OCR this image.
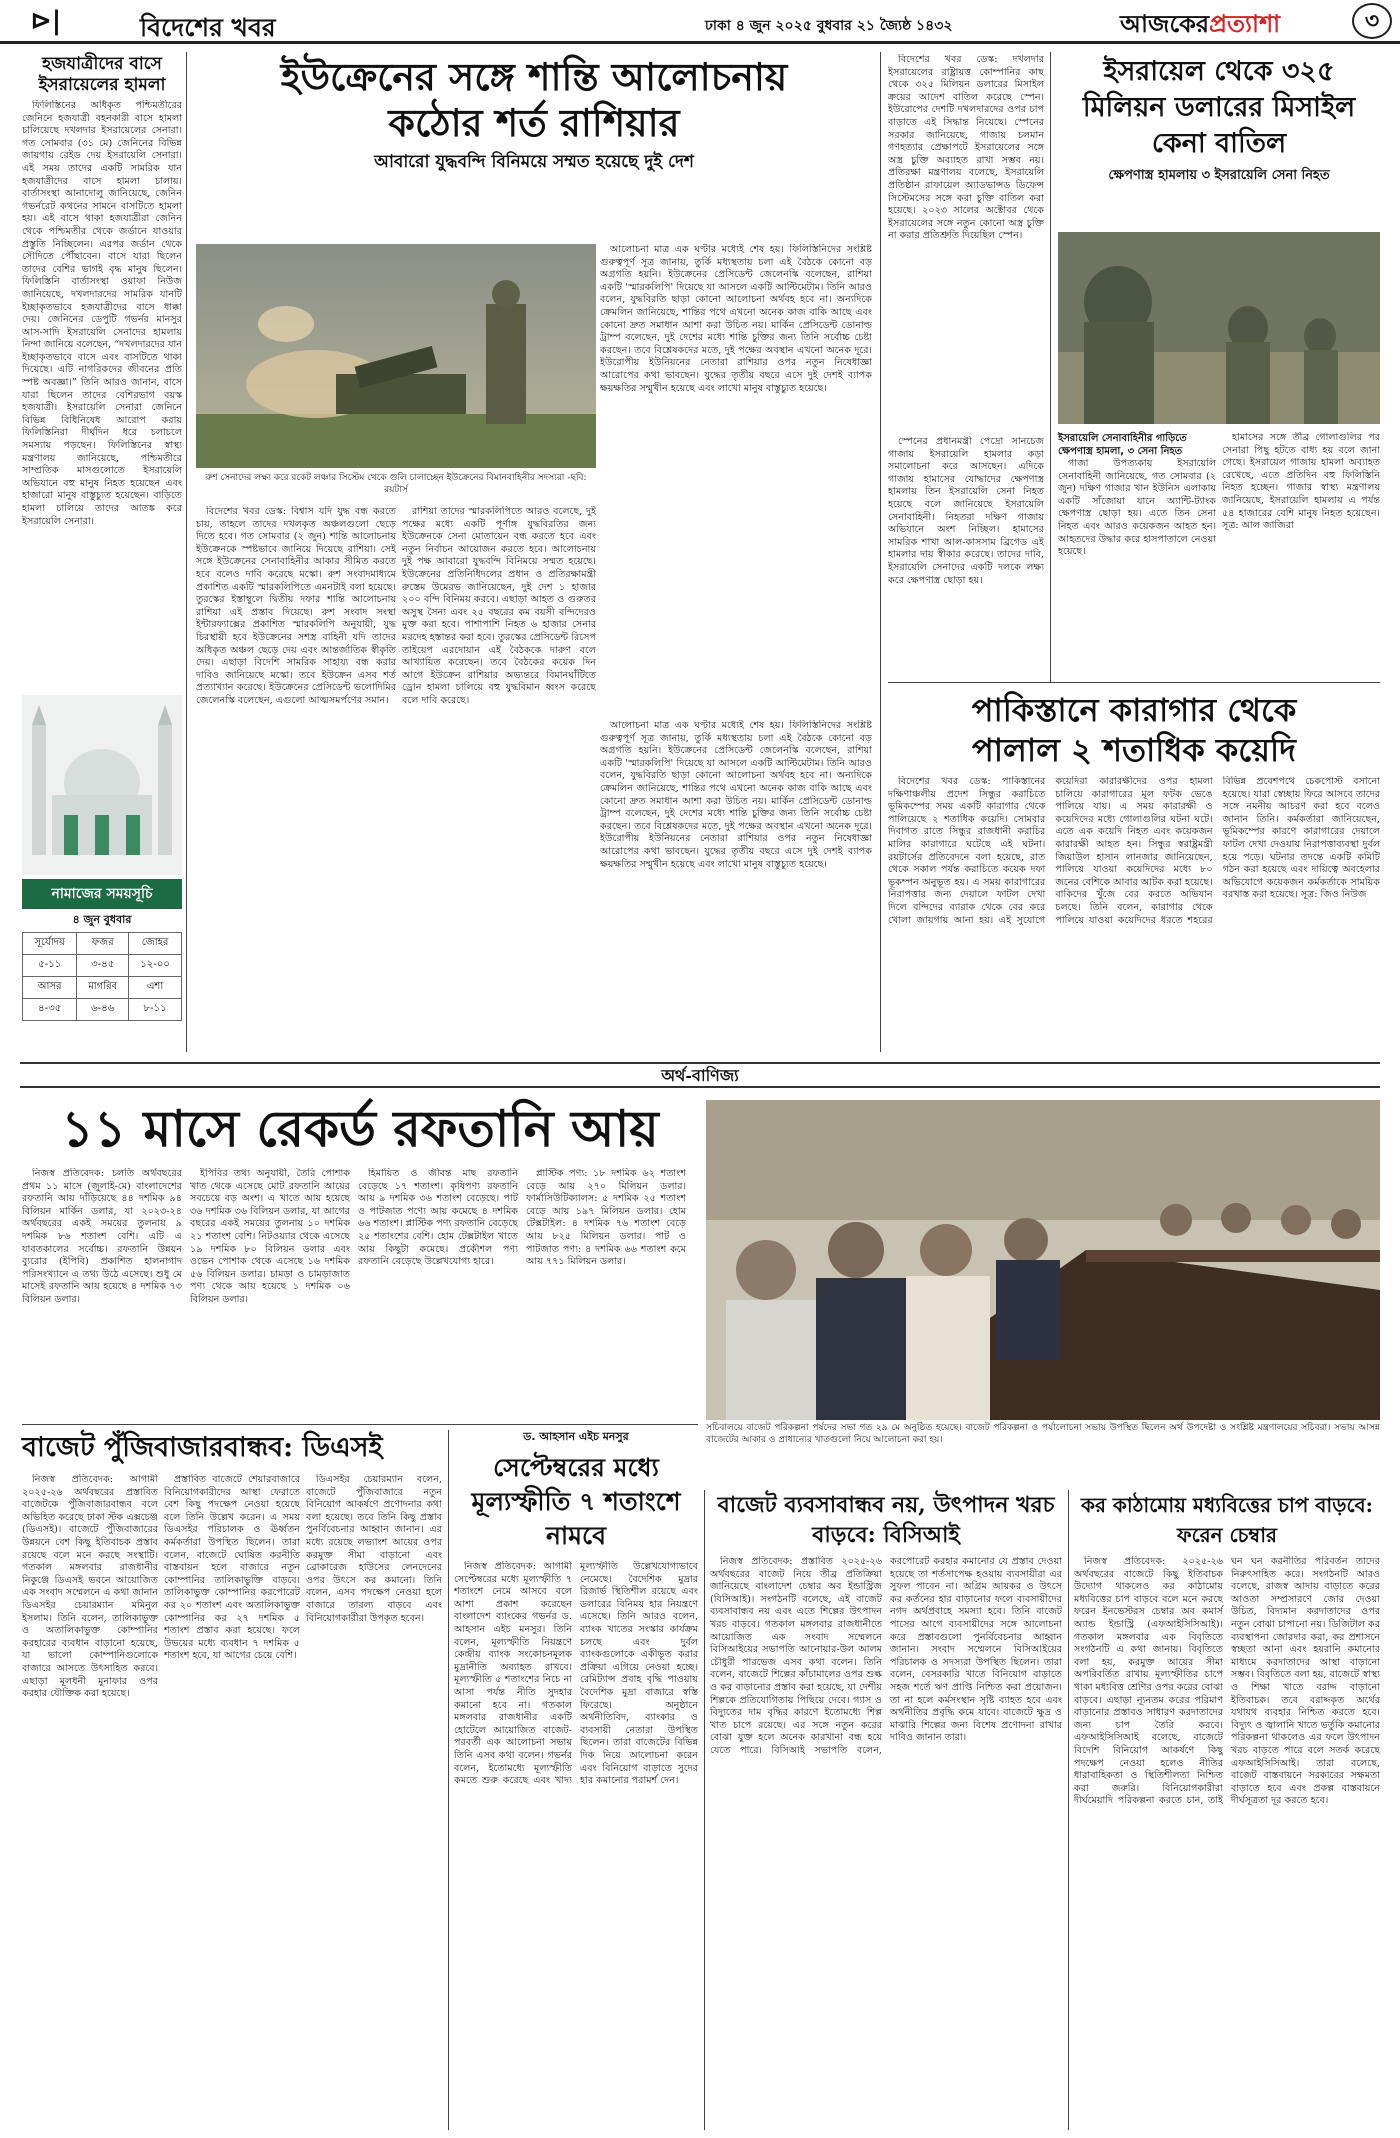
⊳|	বিদেশের খবর	ঢাকা ৪ জুন ২০২৫ বুধবার ২১ জ্যৈষ্ঠ ১৪৩২	আজকেরপ্রত্যাশা	৩
হজযাত্রীদের বাসে ইসরায়েলের হামলা

ফিলিস্তিনের অধিকৃত পশ্চিমতীরের জেনিনে হজযাত্রী বহনকারী বাসে হামলা চালিয়েছে দখলদার ইসরায়েলের সেনারা। গত সোমবার (৩১ মে) জেনিনের বিভিন্ন জায়গায় রেইড দেয় ইসরায়েলি সেনারা। এই সময় তাদের একটি সামরিক যান হজযাত্রীদের বাসে হামলা চালায়। বার্তাসংস্থা আনাদোলু জানিয়েছে, জেনিন গভর্নরেট কথনের সামনে বাসটিতে হামলা হয়। এই বাসে থাকা হজযাত্রীরা জেনিন থেকে পশ্চিমতীর থেকে জর্ডানে যাওয়ার প্রস্তুতি নিচ্ছিলেন। এরপর জর্ডান থেকে সৌদিতে পৌঁছাবেন। বাসে যারা ছিলেন তাদের বেশির ভাগই বৃদ্ধ মানুষ ছিলেন। ফিলিস্তিনি বার্তাসংস্থা ওয়াফা নিউজ জানিয়েছে, দখলদারদের সামরিক যানটি ইচ্ছাকৃতভাবে হজযাত্রীদের বাসে ধাক্কা দেয়। জেনিনের ডেপুটি গভর্নর মানসুর আস-সাদি ইসরায়েলি সেনাদের হামলায় নিন্দা জানিয়ে বলেছেন, “দখলদারদের যান ইচ্ছাকৃতভাবে বাসে এবং বাসটিতে থাকা দিয়েছে। এটি নাগরিকদের জীবনের প্রতি স্পষ্ট অবজ্ঞা।” তিনি আরও জানান, বাসে যারা ছিলেন তাদের বেশিরভাগ বয়স্ক হজযাত্রী। ইসরায়েলি সেনারা জেনিনে বিভিন্ন বিধিনিষেধ আরোপ করায় ফিলিস্তিনিরা দীর্ঘদিন ধরে চলাচলে সমস্যায় পড়ছেন। ফিলিস্তিনের স্বাস্থ্য মন্ত্রণালয় জানিয়েছে, পশ্চিমতীরে সাম্প্রতিক মাসগুলোতে ইসরায়েলি অভিযানে বহু মানুষ নিহত হয়েছেন এবং হাজারো মানুষ বাস্তুচ্যুত হয়েছেন। বাড়িতে হামলা চালিয়ে তাদের আতঙ্ক করে ইসরায়েলি সেনারা।

নামাজের সময়সূচি
৪ জুন বুধবার
সূর্যোদয়	ফজর	জোহর
৫-১১	৩-৪৫	১২-০০
আসর	মাগরিব	এশা
৪-৩৫	৬-৪৬	৮-১১
ইউক্রেনের সঙ্গে শান্তি আলোচনায়
কঠোর শর্ত রাশিয়ার
আবারো যুদ্ধবন্দি বিনিময়ে সম্মত হয়েছে দুই দেশ
রুশ সেনাদের লক্ষ্য করে রকেট লঞ্চার সিস্টেম থেকে গুলি চালাচ্ছেন ইউক্রেনের বিমানবাহিনীর সদস্যরা -ছবি: রয়টার্স

আলোচনা মাত্র এক ঘণ্টার মধ্যেই শেষ হয়। ফিলিস্তিনিদের সংশ্লিষ্ট গুরুত্বপূর্ণ সূত্র জানায়, তুর্কি মধ্যস্থতায় চলা এই বৈঠকে কোনো বড় অগ্রগতি হয়নি। ইউক্রেনের প্রেসিডেন্ট জেলেনস্কি বলেছেন, রাশিয়া একটি 'স্মারকলিপি' দিয়েছে যা আসলে একটি আল্টিমেটাম। তিনি আরও বলেন, যুদ্ধবিরতি ছাড়া কোনো আলোচনা অর্থবহ হবে না। অন্যদিকে ক্রেমলিন জানিয়েছে, শান্তির পথে এখনো অনেক কাজ বাকি আছে এবং কোনো দ্রুত সমাধান আশা করা উচিত নয়। মার্কিন প্রেসিডেন্ট ডোনাল্ড ট্রাম্প বলেছেন, দুই দেশের মধ্যে শান্তি চুক্তির জন্য তিনি সর্বোচ্চ চেষ্টা করছেন। তবে বিশ্লেষকদের মতে, দুই পক্ষের অবস্থান এখনো অনেক দূরে। ইউরোপীয় ইউনিয়নের নেতারা রাশিয়ার ওপর নতুন নিষেধাজ্ঞা আরোপের কথা ভাবছেন। যুদ্ধের তৃতীয় বছরে এসে দুই দেশই ব্যাপক ক্ষয়ক্ষতির সম্মুখীন হয়েছে এবং লাখো মানুষ বাস্তুচ্যুত হয়েছে।

বিদেশের খবর ডেস্ক: বিশ্বাস যদি যুদ্ধ বন্ধ করতে চায়, তাহলে তাদের দখলকৃত অঞ্চলগুলো ছেড়ে দিতে হবে। গত সোমবার (২ জুন) শান্তি আলোচনায় ইউক্রেনকে স্পষ্টভাবে জানিয়ে দিয়েছে রাশিয়া। সেই সঙ্গে ইউক্রেনের সেনাবাহিনীর আকার সীমিত করতে হবে বলেও দাবি করেছে মস্কো। রুশ সংবাদমাধ্যমে প্রকাশিত একটি স্মারকলিপিতে এমনটাই বলা হয়েছে। তুরস্কের ইস্তাম্বুলে দ্বিতীয় দফার শান্তি আলোচনায় রাশিয়া এই প্রস্তাব দিয়েছে। রুশ সংবাদ সংস্থা ইন্টারফ্যাক্সের প্রকাশিত স্মারকলিপি অনুযায়ী, যুদ্ধ চিরস্থায়ী হবে ইউক্রেনের সশস্ত্র বাহিনী যদি তাদের অধিকৃত অঞ্চল ছেড়ে দেয় এবং আন্তর্জাতিক স্বীকৃতি দেয়। এছাড়া বিদেশি সামরিক সাহায্য বন্ধ করার দাবিও জানিয়েছে মস্কো। তবে ইউক্রেন এসব শর্ত প্রত্যাখ্যান করেছে। ইউক্রেনের প্রেসিডেন্ট ভলোদিমির জেলেনস্কি বলেছেন, এগুলো আত্মসমর্পণের সমান।

রাশিয়া তাদের স্মারকলিপিতে আরও বলেছে, দুই পক্ষের মধ্যে একটি পূর্ণাঙ্গ যুদ্ধবিরতির জন্য ইউক্রেনকে সেনা মোতায়েন বন্ধ করতে হবে এবং নতুন নির্বাচন আয়োজন করতে হবে। আলোচনায় দুই পক্ষ আবারো যুদ্ধবন্দি বিনিময়ে সম্মত হয়েছে। ইউক্রেনের প্রতিনিধিদলের প্রধান ও প্রতিরক্ষামন্ত্রী রুস্তেম উমেরভ জানিয়েছেন, দুই দেশ ১ হাজার ২০০ বন্দি বিনিময় করবে। এছাড়া আহত ও গুরুতর অসুস্থ সৈন্য এবং ২৫ বছরের কম বয়সী বন্দিদেরও মুক্ত করা হবে। পাশাপাশি নিহত ৬ হাজার সেনার মরদেহ হস্তান্তর করা হবে। তুরস্কের প্রেসিডেন্ট রিসেপ তাইয়েপ এরদোয়ান এই বৈঠককে দারুণ বলে আখ্যায়িত করেছেন। তবে বৈঠকের কয়েক দিন আগে ইউক্রেন রাশিয়ার অভ্যন্তরে বিমানঘাঁটিতে ড্রোন হামলা চালিয়ে বহু যুদ্ধবিমান ধ্বংস করেছে বলে দাবি করেছে।

আলোচনা মাত্র এক ঘণ্টার মধ্যেই শেষ হয়। ফিলিস্তিনিদের সংশ্লিষ্ট গুরুত্বপূর্ণ সূত্র জানায়, তুর্কি মধ্যস্থতায় চলা এই বৈঠকে কোনো বড় অগ্রগতি হয়নি। ইউক্রেনের প্রেসিডেন্ট জেলেনস্কি বলেছেন, রাশিয়া একটি 'স্মারকলিপি' দিয়েছে যা আসলে একটি আল্টিমেটাম। তিনি আরও বলেন, যুদ্ধবিরতি ছাড়া কোনো আলোচনা অর্থবহ হবে না। অন্যদিকে ক্রেমলিন জানিয়েছে, শান্তির পথে এখনো অনেক কাজ বাকি আছে এবং কোনো দ্রুত সমাধান আশা করা উচিত নয়। মার্কিন প্রেসিডেন্ট ডোনাল্ড ট্রাম্প বলেছেন, দুই দেশের মধ্যে শান্তি চুক্তির জন্য তিনি সর্বোচ্চ চেষ্টা করছেন। তবে বিশ্লেষকদের মতে, দুই পক্ষের অবস্থান এখনো অনেক দূরে। ইউরোপীয় ইউনিয়নের নেতারা রাশিয়ার ওপর নতুন নিষেধাজ্ঞা আরোপের কথা ভাবছেন। যুদ্ধের তৃতীয় বছরে এসে দুই দেশই ব্যাপক ক্ষয়ক্ষতির সম্মুখীন হয়েছে এবং লাখো মানুষ বাস্তুচ্যুত হয়েছে।

বিদেশের খবর ডেস্ক: দখলদার ইসরায়েলের রাষ্ট্রায়ত্ত কোম্পানির কাছ থেকে ৩২৫ মিলিয়ন ডলারের মিসাইল ক্রয়ের আদেশ বাতিল করেছে স্পেন। ইউরোপের দেশটি দখলদারদের ওপর চাপ বাড়াতে এই সিদ্ধান্ত নিয়েছে। স্পেনের সরকার জানিয়েছে, গাজায় চলমান গণহত্যার প্রেক্ষাপটে ইসরায়েলের সঙ্গে অস্ত্র চুক্তি অব্যাহত রাখা সম্ভব নয়। প্রতিরক্ষা মন্ত্রণালয় বলেছে, ইসরায়েলি প্রতিষ্ঠান রাফায়েল অ্যাডভান্সড ডিফেন্স সিস্টেমসের সঙ্গে করা চুক্তি বাতিল করা হয়েছে। ২০২৩ সালের অক্টোবর থেকে ইসরায়েলের সঙ্গে নতুন কোনো অস্ত্র চুক্তি না করার প্রতিশ্রুতি দিয়েছিল স্পেন।

ইসরায়েল থেকে ৩২৫ মিলিয়ন ডলারের মিসাইল কেনা বাতিল
ক্ষেপণাস্ত্র হামলায় ৩ ইসরায়েলি সেনা নিহত

স্পেনের প্রধানমন্ত্রী পেদ্রো সানচেজ গাজায় ইসরায়েলি হামলার কড়া সমালোচনা করে আসছেন। এদিকে গাজায় হামাসের যোদ্ধাদের ক্ষেপণাস্ত্র হামলায় তিন ইসরায়েলি সেনা নিহত হয়েছে বলে জানিয়েছে ইসরায়েলি সেনাবাহিনী। নিহতরা দক্ষিণ গাজায় অভিযানে অংশ নিচ্ছিল। হামাসের সামরিক শাখা আল-কাসসাম ব্রিগেড এই হামলার দায় স্বীকার করেছে। তাদের দাবি, ইসরায়েলি সেনাদের একটি দলকে লক্ষ্য করে ক্ষেপণাস্ত্র ছোড়া হয়।

ইসরায়েলি সেনাবাহিনীর গাড়িতে ক্ষেপণাস্ত্র হামলা, ৩ সেনা নিহত

গাজা উপত্যকায় ইসরায়েলি সেনাবাহিনী জানিয়েছে, গত সোমবার (২ জুন) দক্ষিণ গাজার খান ইউনিস এলাকায় একটি সাঁজোয়া যানে অ্যান্টি-ট্যাংক ক্ষেপণাস্ত্র ছোড়া হয়। এতে তিন সেনা নিহত এবং আরও কয়েকজন আহত হন। আহতদের উদ্ধার করে হাসপাতালে নেওয়া হয়েছে।

হামাসের সঙ্গে তীব্র গোলাগুলির পর সেনারা পিছু হটতে বাধ্য হয় বলে জানা গেছে। ইসরায়েল গাজায় হামলা অব্যাহত রেখেছে, এতে প্রতিদিন বহু ফিলিস্তিনি নিহত হচ্ছেন। গাজার স্বাস্থ্য মন্ত্রণালয় জানিয়েছে, ইসরায়েলি হামলায় এ পর্যন্ত ৫৪ হাজারের বেশি মানুষ নিহত হয়েছেন। সূত্র: আল জাজিরা

পাকিস্তানে কারাগার থেকে
পালাল ২ শতাধিক কয়েদি

বিদেশের খবর ডেস্ক: পাকিস্তানের দক্ষিণাঞ্চলীয় প্রদেশ সিন্ধুর করাচিতে ভূমিকম্পের সময় একটি কারাগার থেকে পালিয়েছে ২ শতাধিক কয়েদি। সোমবার দিবাগত রাতে সিন্ধুর রাজধানী করাচির মালির কারাগারে ঘটেছে এই ঘটনা। রয়টার্সের প্রতিবেদনে বলা হয়েছে, রাত থেকে সকাল পর্যন্ত করাচিতে কয়েক দফা ভূকম্পন অনুভূত হয়। এ সময় কারাগারের নিরাপত্তার জন্য দেয়ালে ফাটল দেখা দিলে বন্দিদের ব্যারাক থেকে বের করে খোলা জায়গায় আনা হয়। এই সুযোগে কয়েদিরা কারারক্ষীদের ওপর হামলা চালিয়ে কারাগারের মূল ফটক ভেঙে পালিয়ে যায়। এ সময় কারারক্ষী ও কয়েদিদের মধ্যে গোলাগুলির ঘটনা ঘটে। এতে এক কয়েদি নিহত এবং কয়েকজন কারারক্ষী আহত হন। সিন্ধুর স্বরাষ্ট্রমন্ত্রী জিয়াউল হাসান লানজার জানিয়েছেন, পালিয়ে যাওয়া কয়েদিদের মধ্যে ৮০ জনের বেশিকে আবার আটক করা হয়েছে। বাকিদের খুঁজে বের করতে অভিযান চলছে। তিনি বলেন, কারাগার থেকে পালিয়ে যাওয়া কয়েদিদের ধরতে শহরের বিভিন্ন প্রবেশপথে চেকপোস্ট বসানো হয়েছে। যারা স্বেচ্ছায় ফিরে আসবে তাদের সঙ্গে নমনীয় আচরণ করা হবে বলেও জানান তিনি। কর্মকর্তারা জানিয়েছেন, ভূমিকম্পের কারণে কারাগারের দেয়ালে ফাটল দেখা দেওয়ায় নিরাপত্তাব্যবস্থা দুর্বল হয়ে পড়ে। ঘটনার তদন্তে একটি কমিটি গঠন করা হয়েছে এবং দায়িত্বে অবহেলার অভিযোগে কয়েকজন কর্মকর্তাকে সাময়িক বরখাস্ত করা হয়েছে। সূত্র: জিও নিউজ

অর্থ-বাণিজ্য
১১ মাসে রেকর্ড রফতানি আয়

নিজস্ব প্রতিবেদক: চলতি অর্থবছরের প্রথম ১১ মাসে (জুলাই-মে) বাংলাদেশের রফতানি আয় দাঁড়িয়েছে ৪৪ দশমিক ৯৪ বিলিয়ন মার্কিন ডলার, যা ২০২৩-২৪ অর্থবছরের একই সময়ের তুলনায় ৯ দশমিক ৮৬ শতাংশ বেশি। এটি এ যাবতকালের সর্বোচ্চ। রফতানি উন্নয়ন ব্যুরোর (ইপিবি) প্রকাশিত হালনাগাদ পরিসংখ্যানে এ তথ্য উঠে এসেছে। শুধু মে মাসেই রফতানি আয় হয়েছে ৪ দশমিক ৭৩ বিলিয়ন ডলার।

ইপিবির তথ্য অনুযায়ী, তৈরি পোশাক খাত থেকে এসেছে মোট রফতানি আয়ের সবচেয়ে বড় অংশ। এ খাতে আয় হয়েছে ৩৬ দশমিক ৩৬ বিলিয়ন ডলার, যা আগের বছরের একই সময়ের তুলনায় ১০ দশমিক ২১ শতাংশ বেশি। নিটওয়্যার থেকে এসেছে ১৯ দশমিক ৮০ বিলিয়ন ডলার এবং ওভেন পোশাক থেকে এসেছে ১৬ দশমিক ৫৬ বিলিয়ন ডলার। চামড়া ও চামড়াজাত পণ্য থেকে আয় হয়েছে ১ দশমিক ০৬ বিলিয়ন ডলার।

হিমায়িত ও জীবন্ত মাছ রফতানি বেড়েছে ১৭ শতাংশ। কৃষিপণ্য রফতানি আয় ৯ দশমিক ৩৬ শতাংশ বেড়েছে। পাট ও পাটজাত পণ্যে আয় কমেছে ৪ দশমিক ৬৬ শতাংশ। প্লাস্টিক পণ্য রফতানি বেড়েছে ২৫ শতাংশের বেশি। হোম টেক্সটাইল খাতে আয় কিছুটা কমেছে। প্রকৌশল পণ্য রফতানি বেড়েছে উল্লেখযোগ্য হারে।

প্লাস্টিক পণ্য: ১৮ দশমিক ৬২ শতাংশ বেড়ে আয় ২৭০ মিলিয়ন ডলার। ফার্মাসিউটিক্যালস: ৫ দশমিক ২৫ শতাংশ বেড়ে আয় ১৯৭ মিলিয়ন ডলার। হোম টেক্সটাইল: ৪ দশমিক ৭৬ শতাংশ বেড়ে আয় ৮২৫ মিলিয়ন ডলার। পাট ও পাটজাত পণ্য: ৪ দশমিক ৬৬ শতাংশ কমে আয় ৭৭১ মিলিয়ন ডলার।

সচিবালয়ে বাজেট পরিকল্পনা পর্ষদের সভা গত ২৯ মে অনুষ্ঠিত হয়েছে। বাজেট পরিকল্পনা ও পর্যালোচনা সভায় উপস্থিত ছিলেন অর্থ উপদেষ্টা ও সংশ্লিষ্ট মন্ত্রণালয়ের সচিবরা। সভায় আসন্ন বাজেটের আকার ও প্রাধান্যের খাতগুলো নিয়ে আলোচনা করা হয়।
বাজেট পুঁজিবাজারবান্ধব: ডিএসই

নিজস্ব প্রতিবেদক: আগামী ২০২৫-২৬ অর্থবছরের প্রস্তাবিত বাজেটকে পুঁজিবাজারবান্ধব বলে অভিহিত করেছে ঢাকা স্টক এক্সচেঞ্জ (ডিএসই)। বাজেটে পুঁজিবাজারের উন্নয়নে বেশ কিছু ইতিবাচক প্রস্তাব রয়েছে বলে মনে করছে সংস্থাটি। গতকাল মঙ্গলবার রাজধানীর নিকুঞ্জে ডিএসই ভবনে আয়োজিত এক সংবাদ সম্মেলনে এ কথা জানান ডিএসইর চেয়ারম্যান মমিনুল ইসলাম। তিনি বলেন, তালিকাভুক্ত ও অতালিকাভুক্ত কোম্পানির করহারের ব্যবধান বাড়ানো হয়েছে, যা ভালো কোম্পানিগুলোকে বাজারে আসতে উৎসাহিত করবে। এছাড়া মূলধনী মুনাফার ওপর করহার যৌক্তিক করা হয়েছে।

প্রস্তাবিত বাজেটে শেয়ারবাজারে বিনিয়োগকারীদের আস্থা ফেরাতে বেশ কিছু পদক্ষেপ নেওয়া হয়েছে বলে তিনি উল্লেখ করেন। এ সময় ডিএসইর পরিচালক ও ঊর্ধ্বতন কর্মকর্তারা উপস্থিত ছিলেন। তারা বলেন, বাজেটে ঘোষিত করনীতি বাস্তবায়ন হলে বাজারে নতুন কোম্পানির তালিকাভুক্তি বাড়বে। তালিকাভুক্ত কোম্পানির করপোরেট কর ২০ শতাংশ এবং অতালিকাভুক্ত কোম্পানির কর ২৭ দশমিক ৫ শতাংশ প্রস্তাব করা হয়েছে। ফলে উভয়ের মধ্যে ব্যবধান ৭ দশমিক ৫ শতাংশ হবে, যা আগের চেয়ে বেশি।

ডিএসইর চেয়ারম্যান বলেন, বাজেটে পুঁজিবাজারে নতুন বিনিয়োগ আকর্ষণে প্রণোদনার কথা বলা হয়েছে। তবে তিনি কিছু প্রস্তাব পুনর্বিবেচনার আহ্বান জানান। এর মধ্যে রয়েছে লভ্যাংশ আয়ের ওপর করমুক্ত সীমা বাড়ানো এবং ব্রোকারেজ হাউসের লেনদেনের ওপর উৎসে কর কমানো। তিনি বলেন, এসব পদক্ষেপ নেওয়া হলে বাজারে তারল্য বাড়বে এবং বিনিয়োগকারীরা উপকৃত হবেন।

ড. আহসান এইচ মনসুর
সেপ্টেম্বরের মধ্যে মূল্যস্ফীতি ৭ শতাংশে নামবে

নিজস্ব প্রতিবেদক: আগামী সেপ্টেম্বরের মধ্যে মূল্যস্ফীতি ৭ শতাংশে নেমে আসবে বলে আশা প্রকাশ করেছেন বাংলাদেশ ব্যাংকের গভর্নর ড. আহসান এইচ মনসুর। তিনি বলেন, মূল্যস্ফীতি নিয়ন্ত্রণে কেন্দ্রীয় ব্যাংক সংকোচনমূলক মুদ্রানীতি অব্যাহত রাখবে। মূল্যস্ফীতি ৫ শতাংশের নিচে না আসা পর্যন্ত নীতি সুদহার কমানো হবে না। গতকাল মঙ্গলবার রাজধানীর একটি হোটেলে আয়োজিত বাজেট-পরবর্তী এক আলোচনা সভায় তিনি এসব কথা বলেন। গভর্নর বলেন, ইতোমধ্যে মূল্যস্ফীতি কমতে শুরু করেছে এবং খাদ্য মূল্যস্ফীতি উল্লেখযোগ্যভাবে নেমেছে। বৈদেশিক মুদ্রার রিজার্ভ স্থিতিশীল রয়েছে এবং ডলারের বিনিময় হার নিয়ন্ত্রণে এসেছে। তিনি আরও বলেন, ব্যাংক খাতের সংস্কার কার্যক্রম চলছে এবং দুর্বল ব্যাংকগুলোকে একীভূত করার প্রক্রিয়া এগিয়ে নেওয়া হচ্ছে। রেমিট্যান্স প্রবাহ বৃদ্ধি পাওয়ায় বৈদেশিক মুদ্রা বাজারে স্বস্তি ফিরেছে। অনুষ্ঠানে অর্থনীতিবিদ, ব্যাংকার ও ব্যবসায়ী নেতারা উপস্থিত ছিলেন। তারা বাজেটের বিভিন্ন দিক নিয়ে আলোচনা করেন এবং বিনিয়োগ বাড়াতে সুদের হার কমানোর পরামর্শ দেন।

বাজেট ব্যবসাবান্ধব নয়, উৎপাদন খরচ বাড়বে: বিসিআই

নিজস্ব প্রতিবেদক: প্রস্তাবিত ২০২৫-২৬ অর্থবছরের বাজেট নিয়ে তীব্র প্রতিক্রিয়া জানিয়েছে বাংলাদেশ চেম্বার অব ইন্ডাস্ট্রিজ (বিসিআই)। সংগঠনটি বলেছে, এই বাজেট ব্যবসাবান্ধব নয় এবং এতে শিল্পের উৎপাদন খরচ বাড়বে। গতকাল মঙ্গলবার রাজধানীতে আয়োজিত এক সংবাদ সম্মেলনে বিসিআইয়ের সভাপতি আনোয়ার-উল আলম চৌধুরী পারভেজ এসব কথা বলেন। তিনি বলেন, বাজেটে শিল্পের কাঁচামালের ওপর শুল্ক ও কর বাড়ানোর প্রস্তাব করা হয়েছে, যা দেশীয় শিল্পকে প্রতিযোগিতায় পিছিয়ে দেবে। গ্যাস ও বিদ্যুতের দাম বৃদ্ধির কারণে ইতোমধ্যে শিল্প খাত চাপে রয়েছে। এর সঙ্গে নতুন করের বোঝা যুক্ত হলে অনেক কারখানা বন্ধ হয়ে যেতে পারে। বিসিআই সভাপতি বলেন, করপোরেট করহার কমানোর যে প্রস্তাব দেওয়া হয়েছে তা শর্তসাপেক্ষ হওয়ায় ব্যবসায়ীরা এর সুফল পাবেন না। অগ্রিম আয়কর ও উৎসে কর কর্তনের হার বাড়ানোর ফলে ব্যবসায়ীদের নগদ অর্থপ্রবাহে সমস্যা হবে। তিনি বাজেট পাসের আগে ব্যবসায়ীদের সঙ্গে আলোচনা করে প্রস্তাবগুলো পুনর্বিবেচনার আহ্বান জানান। সংবাদ সম্মেলনে বিসিআইয়ের পরিচালক ও সদস্যরা উপস্থিত ছিলেন। তারা বলেন, বেসরকারি খাতে বিনিয়োগ বাড়াতে সহজ শর্তে ঋণ প্রাপ্তি নিশ্চিত করা প্রয়োজন। তা না হলে কর্মসংস্থান সৃষ্টি ব্যাহত হবে এবং অর্থনীতির প্রবৃদ্ধি কমে যাবে। বাজেটে ক্ষুদ্র ও মাঝারি শিল্পের জন্য বিশেষ প্রণোদনা রাখার দাবিও জানান তারা।

কর কাঠামোয় মধ্যবিত্তের চাপ বাড়বে: ফরেন চেম্বার

নিজস্ব প্রতিবেদক: ২০২৫-২৬ অর্থবছরের বাজেটে কিছু ইতিবাচক উদ্যোগ থাকলেও কর কাঠামোয় মধ্যবিত্তের চাপ বাড়বে বলে মনে করছে ফরেন ইনভেস্টরস চেম্বার অব কমার্স অ্যান্ড ইন্ডাস্ট্রি (এফআইসিসিআই)। গতকাল মঙ্গলবার এক বিবৃতিতে সংগঠনটি এ কথা জানায়। বিবৃতিতে বলা হয়, করমুক্ত আয়ের সীমা অপরিবর্তিত রাখায় মূল্যস্ফীতির চাপে থাকা মধ্যবিত্ত শ্রেণির ওপর করের বোঝা বাড়বে। এছাড়া ন্যূনতম করের পরিমাণ বাড়ানোর প্রস্তাবও সাধারণ করদাতাদের জন্য চাপ তৈরি করবে। এফআইসিসিআই বলেছে, বাজেটে বিদেশি বিনিয়োগ আকর্ষণে কিছু পদক্ষেপ নেওয়া হলেও নীতির ধারাবাহিকতা ও স্থিতিশীলতা নিশ্চিত করা জরুরি। বিনিয়োগকারীরা দীর্ঘমেয়াদি পরিকল্পনা করতে চান, তাই ঘন ঘন করনীতির পরিবর্তন তাদের নিরুৎসাহিত করে। সংগঠনটি আরও বলেছে, রাজস্ব আদায় বাড়াতে করের আওতা সম্প্রসারণে জোর দেওয়া উচিত, বিদ্যমান করদাতাদের ওপর নতুন বোঝা চাপানো নয়। ডিজিটাল কর ব্যবস্থাপনা জোরদার করা, কর প্রশাসনে স্বচ্ছতা আনা এবং হয়রানি কমানোর মাধ্যমে করদাতাদের আস্থা বাড়ানো সম্ভব। বিবৃতিতে বলা হয়, বাজেটে স্বাস্থ্য ও শিক্ষা খাতে বরাদ্দ বাড়ানো ইতিবাচক। তবে বরাদ্দকৃত অর্থের যথাযথ ব্যবহার নিশ্চিত করতে হবে। বিদ্যুৎ ও জ্বালানি খাতে ভর্তুকি কমানোর পরিকল্পনা থাকলেও এর ফলে উৎপাদন খরচ বাড়তে পারে বলে সতর্ক করেছে এফআইসিসিআই। তারা বলেছে, বাজেট বাস্তবায়নে সরকারের সক্ষমতা বাড়াতে হবে এবং প্রকল্প বাস্তবায়নে দীর্ঘসূত্রতা দূর করতে হবে।
